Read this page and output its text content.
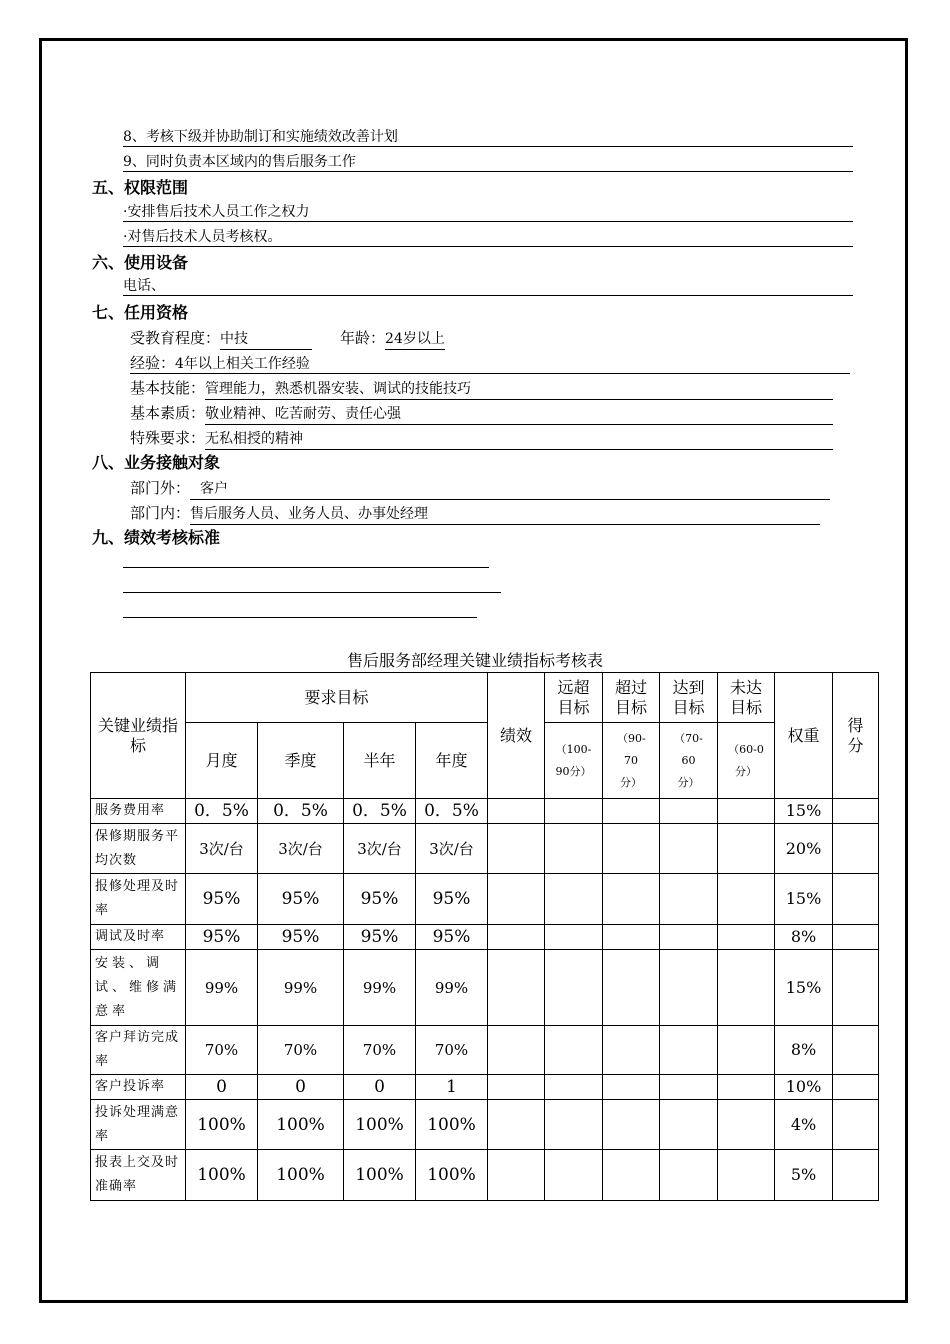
8、考核下级并协助制订和实施绩效改善计划
9、同时负责本区域内的售后服务工作
五、权限范围
·安排售后技术人员工作之权力
·对售后技术人员考核权。
六、使用设备
电话、
七、任用资格
受教育程度：中技	年龄：24岁以上
经验：4年以上相关工作经验
基本技能：管理能力，熟悉机器安装、调试的技能技巧
基本素质：敬业精神、吃苦耐劳、责任心强
特殊要求：无私相授的精神
八、业务接触对象
部门外： 客户
部门内：售后服务人员、业务人员、办事处经理
九、绩效考核标准
售后服务部经理关键业绩指标考核表
关键业绩指标	要求目标				绩效	远超目标	超过目标	达到目标	未达目标	权重	得分
	月度	季度	半年	年度		（100-90分）	（90-70分）	（70-60分）	（60-0分）		
服务费用率	0．5%	0．5%	0．5%	0．5%						15%	
保修期服务平均次数	3次/台	3次/台	3次/台	3次/台						20%	
报修处理及时率	95%	95%	95%	95%						15%	
调试及时率	95%	95%	95%	95%						8%	
安装、调试、维修满意率	99%	99%	99%	99%						15%	
客户拜访完成率	70%	70%	70%	70%						8%	
客户投诉率	0	0	0	1						10%	
投诉处理满意率	100%	100%	100%	100%						4%	
报表上交及时准确率	100%	100%	100%	100%						5%	
